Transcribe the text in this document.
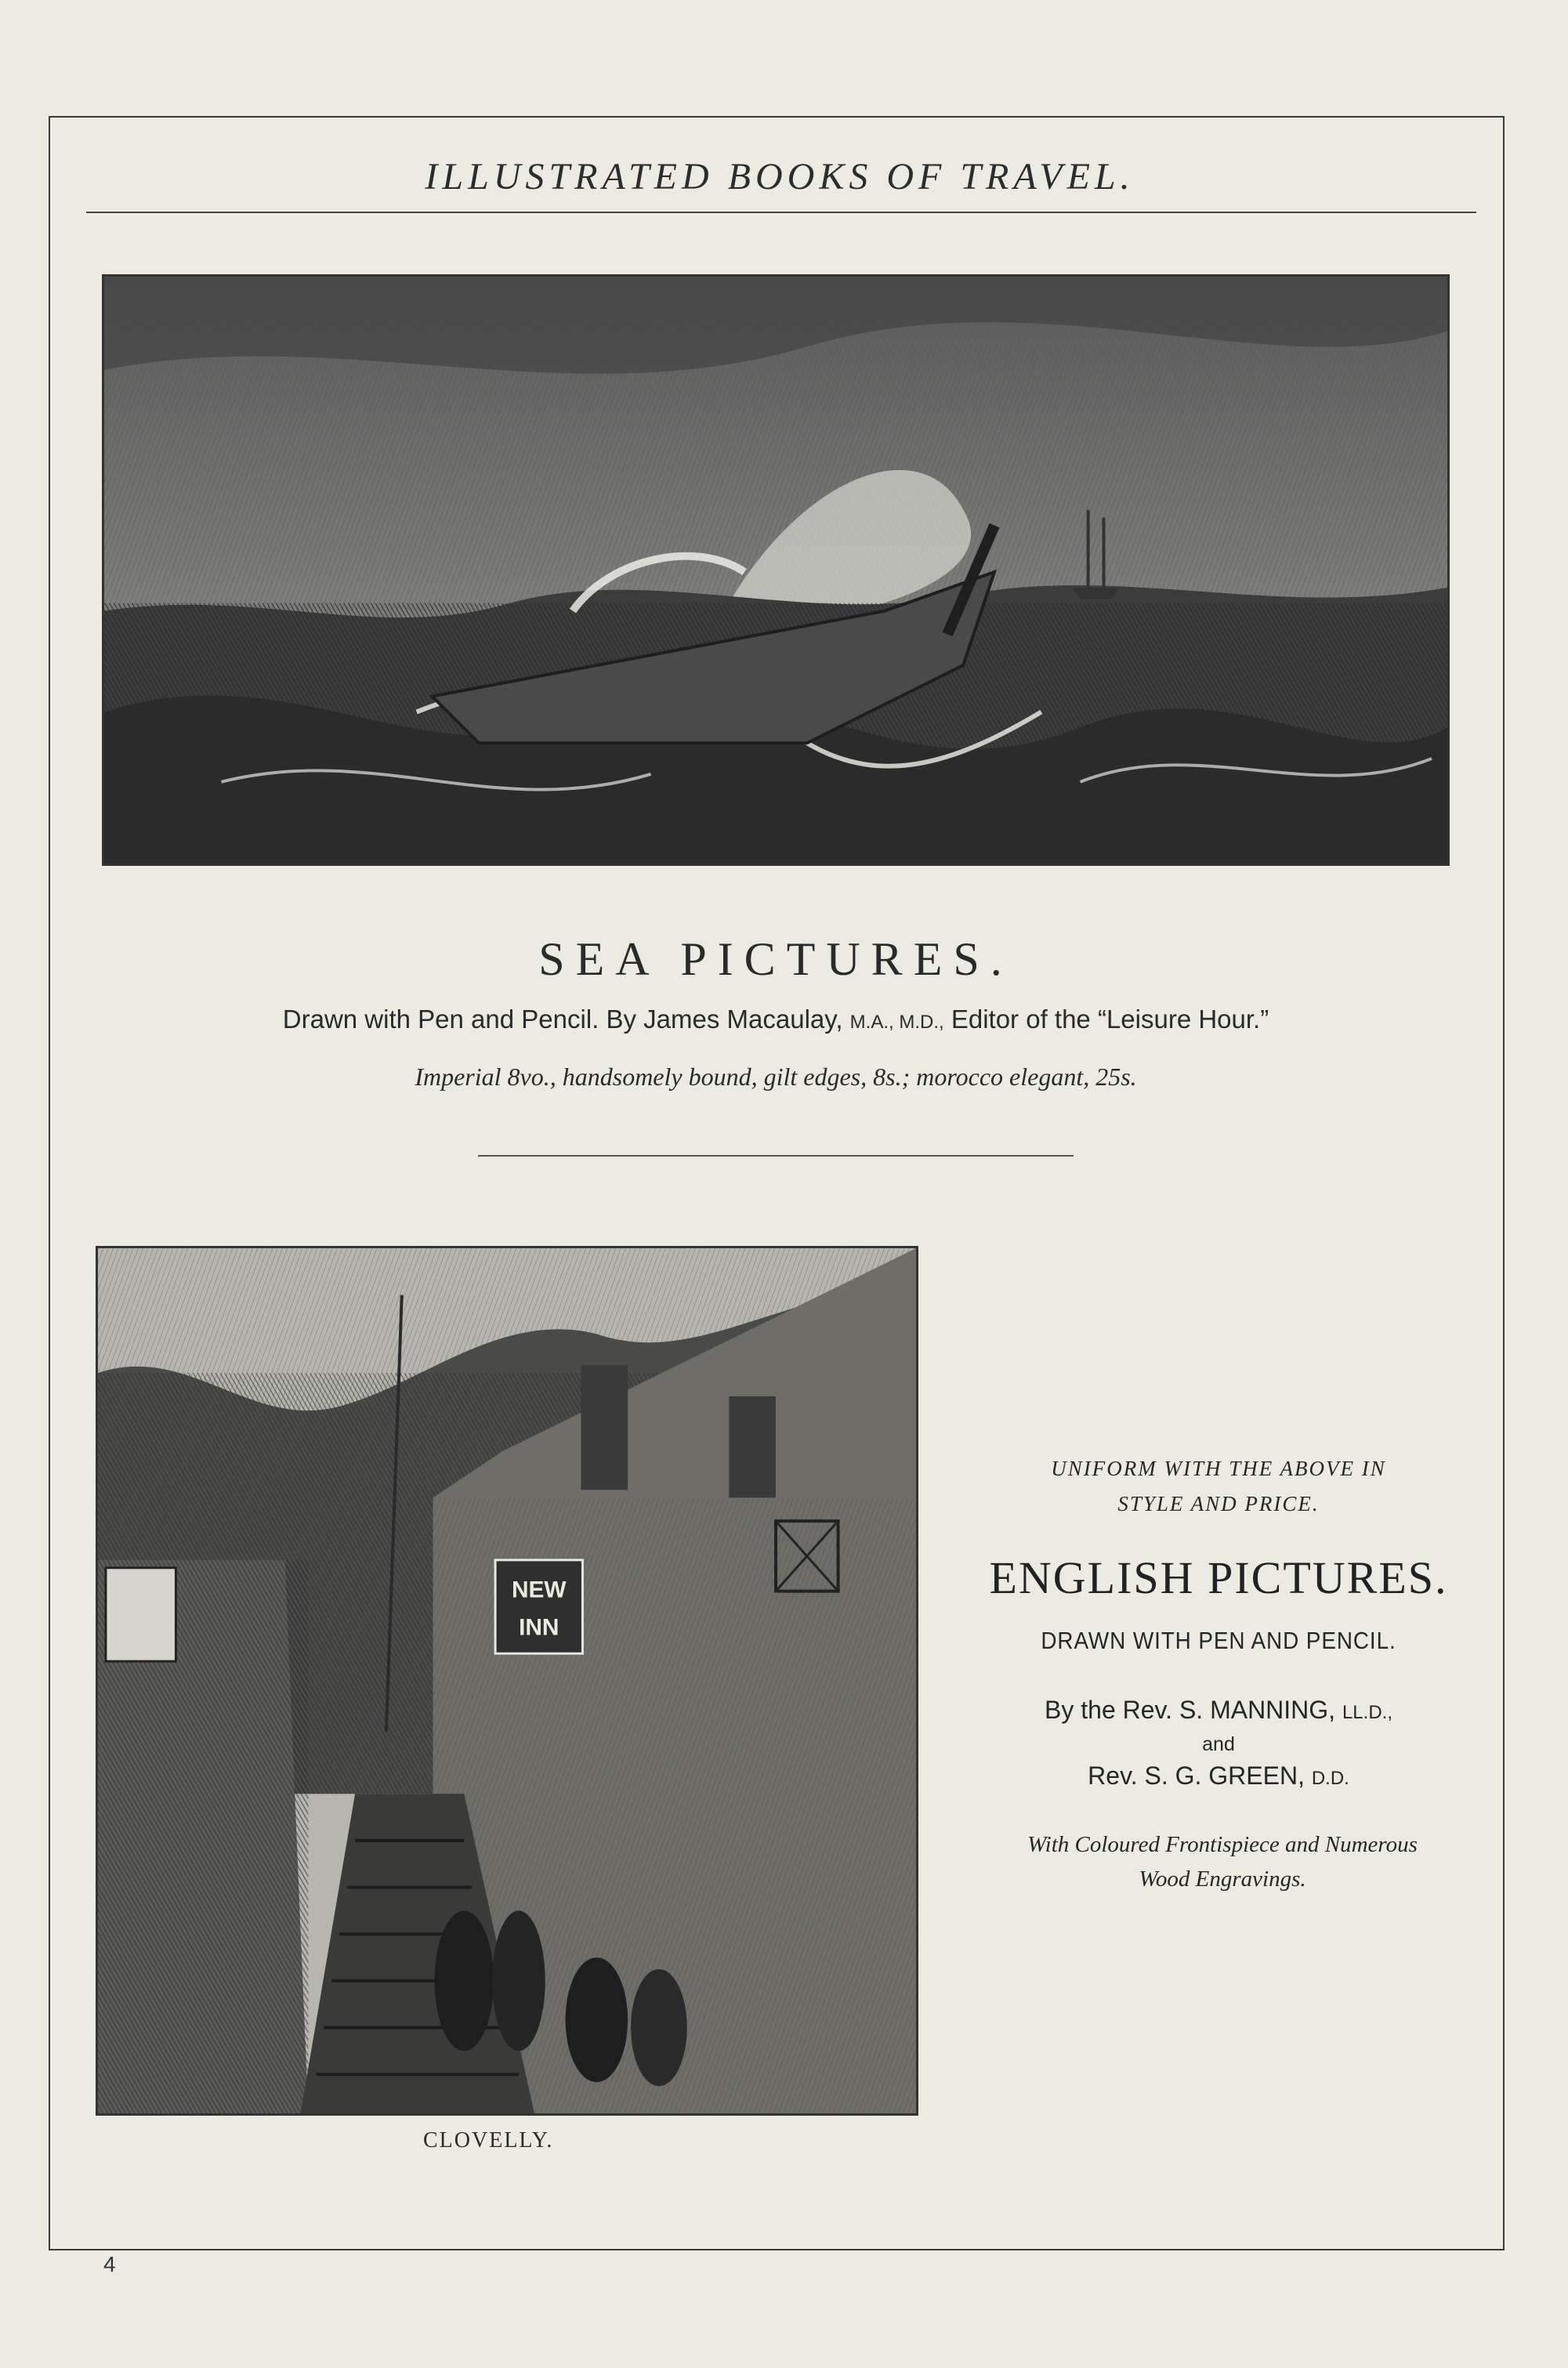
ILLUSTRATED BOOKS OF TRAVEL.
SEA PICTURES.
Drawn with Pen and Pencil. By James Macaulay, M.A., M.D., Editor of the “Leisure Hour.”
Imperial 8vo., handsomely bound, gilt edges, 8s.; morocco elegant, 25s.
NEW
INN
CLOVELLY.
UNIFORM WITH THE ABOVE IN
STYLE AND PRICE.
ENGLISH PICTURES.
DRAWN WITH PEN AND PENCIL.
By the Rev. S. MANNING, LL.D.,
and
Rev. S. G. GREEN, D.D.
With Coloured Frontispiece and Numerous
Wood Engravings.
4
